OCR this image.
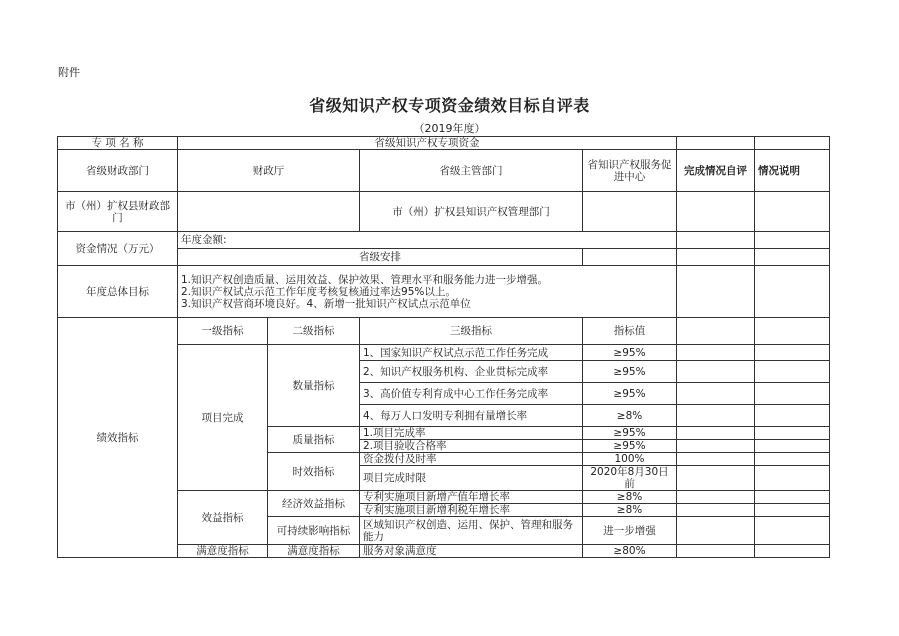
附件
省级知识产权专项资金绩效目标自评表
（2019年度）
专 项 名 称	省级知识产权专项资金					
省级财政部门	财政厅		省级主管部门	省知识产权服务促进中心	完成情况自评	情况说明
市（州）扩权县财政部门			市（州）扩权县知识产权管理部门			
资金情况（万元）	年度金额:					
	省级安排					
年度总体目标	1.知识产权创造质量、运用效益、保护效果、管理水平和服务能力进一步增强。
2.知识产权试点示范工作年度考核复核通过率达95%以上。
3.知识产权营商环境良好。4、新增一批知识产权试点示范单位					

绩效指标	一级指标	二级指标	三级指标	指标值		
	项目完成	数量指标	1、国家知识产权试点示范工作任务完成	≥95%		
			2、知识产权服务机构、企业贯标完成率	≥95%		
			3、高价值专利育成中心工作任务完成率	≥95%		
			4、每万人口发明专利拥有量增长率	≥8%		
		质量指标	1.项目完成率	≥95%		
			2.项目验收合格率	≥95%		
		时效指标	资金拨付及时率	100%		
			项目完成时限	2020年8月30日前		
	效益指标	经济效益指标	专利实施项目新增产值年增长率	≥8%		
			专利实施项目新增利税年增长率	≥8%		
		可持续影响指标	区域知识产权创造、运用、保护、管理和服务能力	进一步增强		
	满意度指标	满意度指标	服务对象满意度	≥80%		
